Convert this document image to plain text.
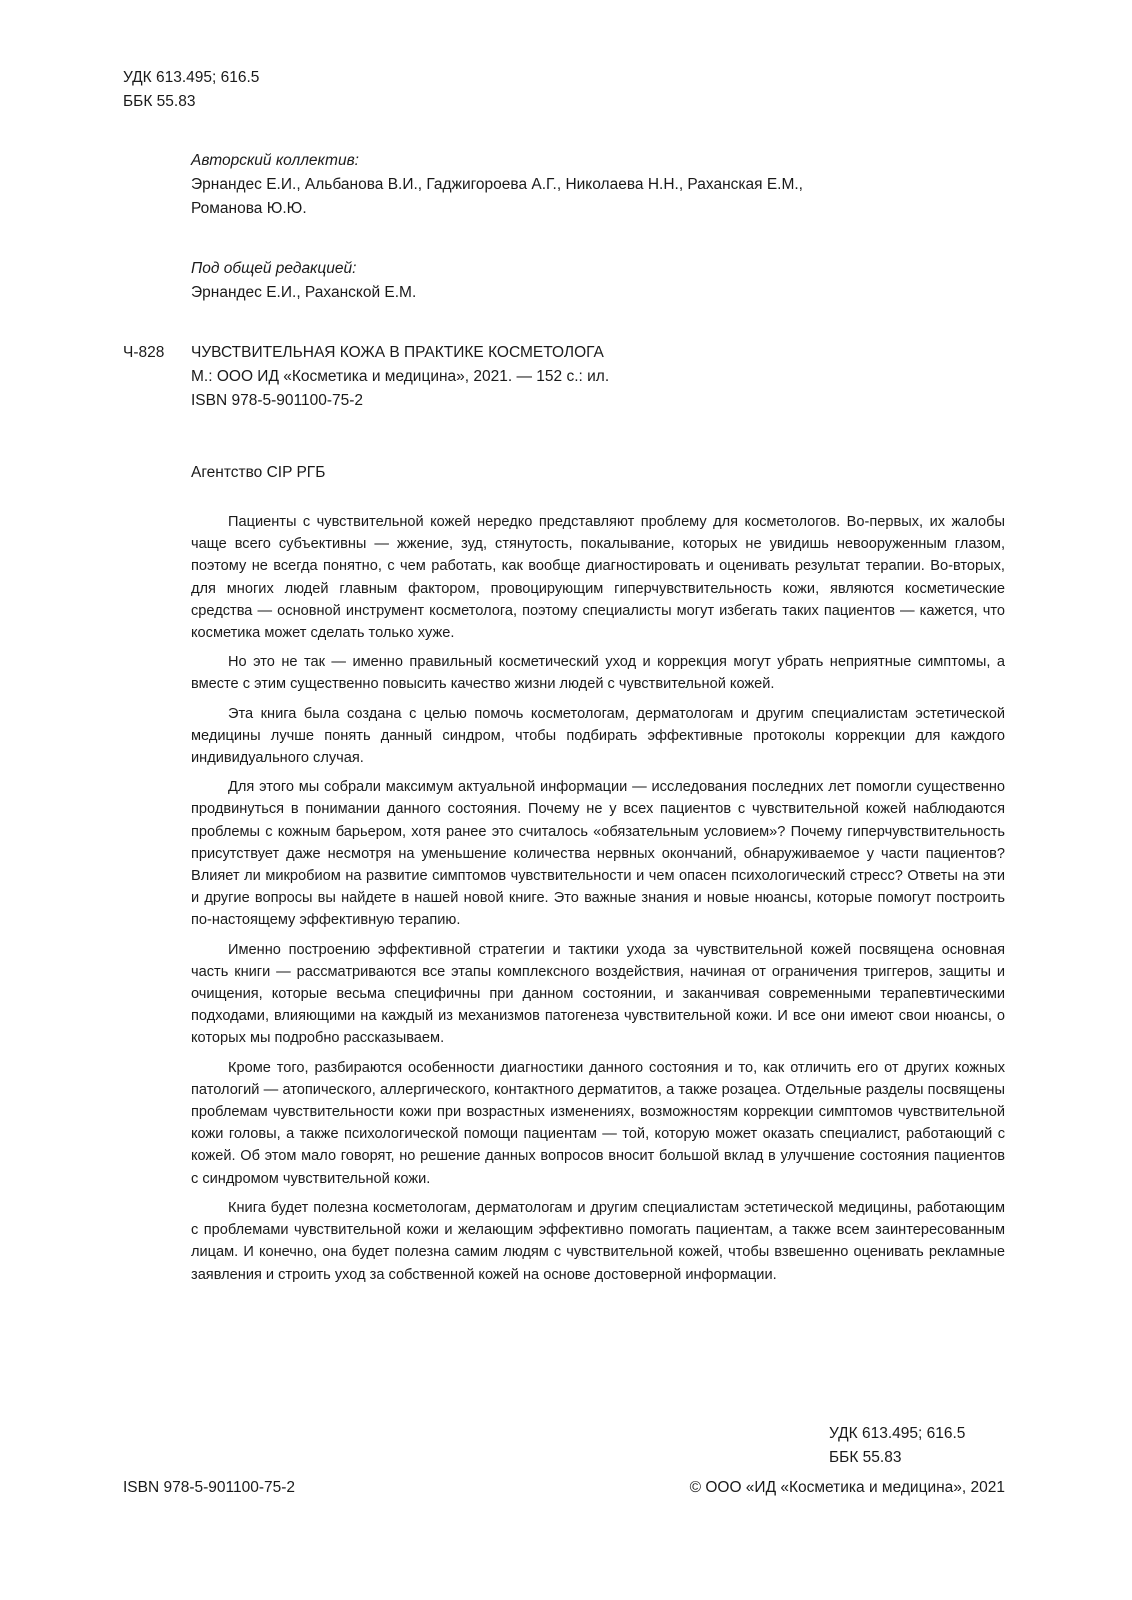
УДК 613.495; 616.5
ББК 55.83
Авторский коллектив:
Эрнандес Е.И., Альбанова В.И., Гаджигороева А.Г., Николаева Н.Н., Раханская Е.М.,
Романова Ю.Ю.
Под общей редакцией:
Эрнандес Е.И., Раханской Е.М.
Ч-828 ЧУВСТВИТЕЛЬНАЯ КОЖА В ПРАКТИКЕ КОСМЕТОЛОГА
М.: ООО ИД «Косметика и медицина», 2021. — 152 с.: ил.
ISBN 978-5-901100-75-2
Агентство CIP РГБ

Пациенты с чувствительной кожей нередко представляют проблему для косметологов. Во-первых, их жалобы чаще всего субъективны — жжение, зуд, стянутость, покалывание, которых не увидишь невооруженным глазом, поэтому не всегда понятно, с чем работать, как вообще диагностировать и оценивать результат терапии. Во-вторых, для многих людей главным фактором, провоцирующим гиперчувствительность кожи, являются косметические средства — основной инструмент косметолога, поэтому специалисты могут избегать таких пациентов — кажется, что косметика может сделать только хуже.

Но это не так — именно правильный косметический уход и коррекция могут убрать неприятные симптомы, а вместе с этим существенно повысить качество жизни людей с чувствительной кожей.

Эта книга была создана с целью помочь косметологам, дерматологам и другим специалистам эстетической медицины лучше понять данный синдром, чтобы подбирать эффективные протоколы коррекции для каждого индивидуального случая.

Для этого мы собрали максимум актуальной информации — исследования последних лет помогли существенно продвинуться в понимании данного состояния. Почему не у всех пациентов с чувствительной кожей наблюдаются проблемы с кожным барьером, хотя ранее это считалось «обязательным условием»? Почему гиперчувствительность присутствует даже несмотря на уменьшение количества нервных окончаний, обнаруживаемое у части пациентов? Влияет ли микробиом на развитие симптомов чувствительности и чем опасен психологический стресс? Ответы на эти и другие вопросы вы найдете в нашей новой книге. Это важные знания и новые нюансы, которые помогут построить по-настоящему эффективную терапию.

Именно построению эффективной стратегии и тактики ухода за чувствительной кожей посвящена основная часть книги — рассматриваются все этапы комплексного воздействия, начиная от ограничения триггеров, защиты и очищения, которые весьма специфичны при данном состоянии, и заканчивая современными терапевтическими подходами, влияющими на каждый из механизмов патогенеза чувствительной кожи. И все они имеют свои нюансы, о которых мы подробно рассказываем.

Кроме того, разбираются особенности диагностики данного состояния и то, как отличить его от других кожных патологий — атопического, аллергического, контактного дерматитов, а также розацеа. Отдельные разделы посвящены проблемам чувствительности кожи при возрастных изменениях, возможностям коррекции симптомов чувствительной кожи головы, а также психологической помощи пациентам — той, которую может оказать специалист, работающий с кожей. Об этом мало говорят, но решение данных вопросов вносит большой вклад в улучшение состояния пациентов с синдромом чувствительной кожи.

Книга будет полезна косметологам, дерматологам и другим специалистам эстетической медицины, работающим с проблемами чувствительной кожи и желающим эффективно помогать пациентам, а также всем заинтересованным лицам. И конечно, она будет полезна самим людям с чувствительной кожей, чтобы взвешенно оценивать рекламные заявления и строить уход за собственной кожей на основе достоверной информации.

УДК 613.495; 616.5
ББК 55.83
ISBN 978-5-901100-75-2	© ООО «ИД «Косметика и медицина», 2021
